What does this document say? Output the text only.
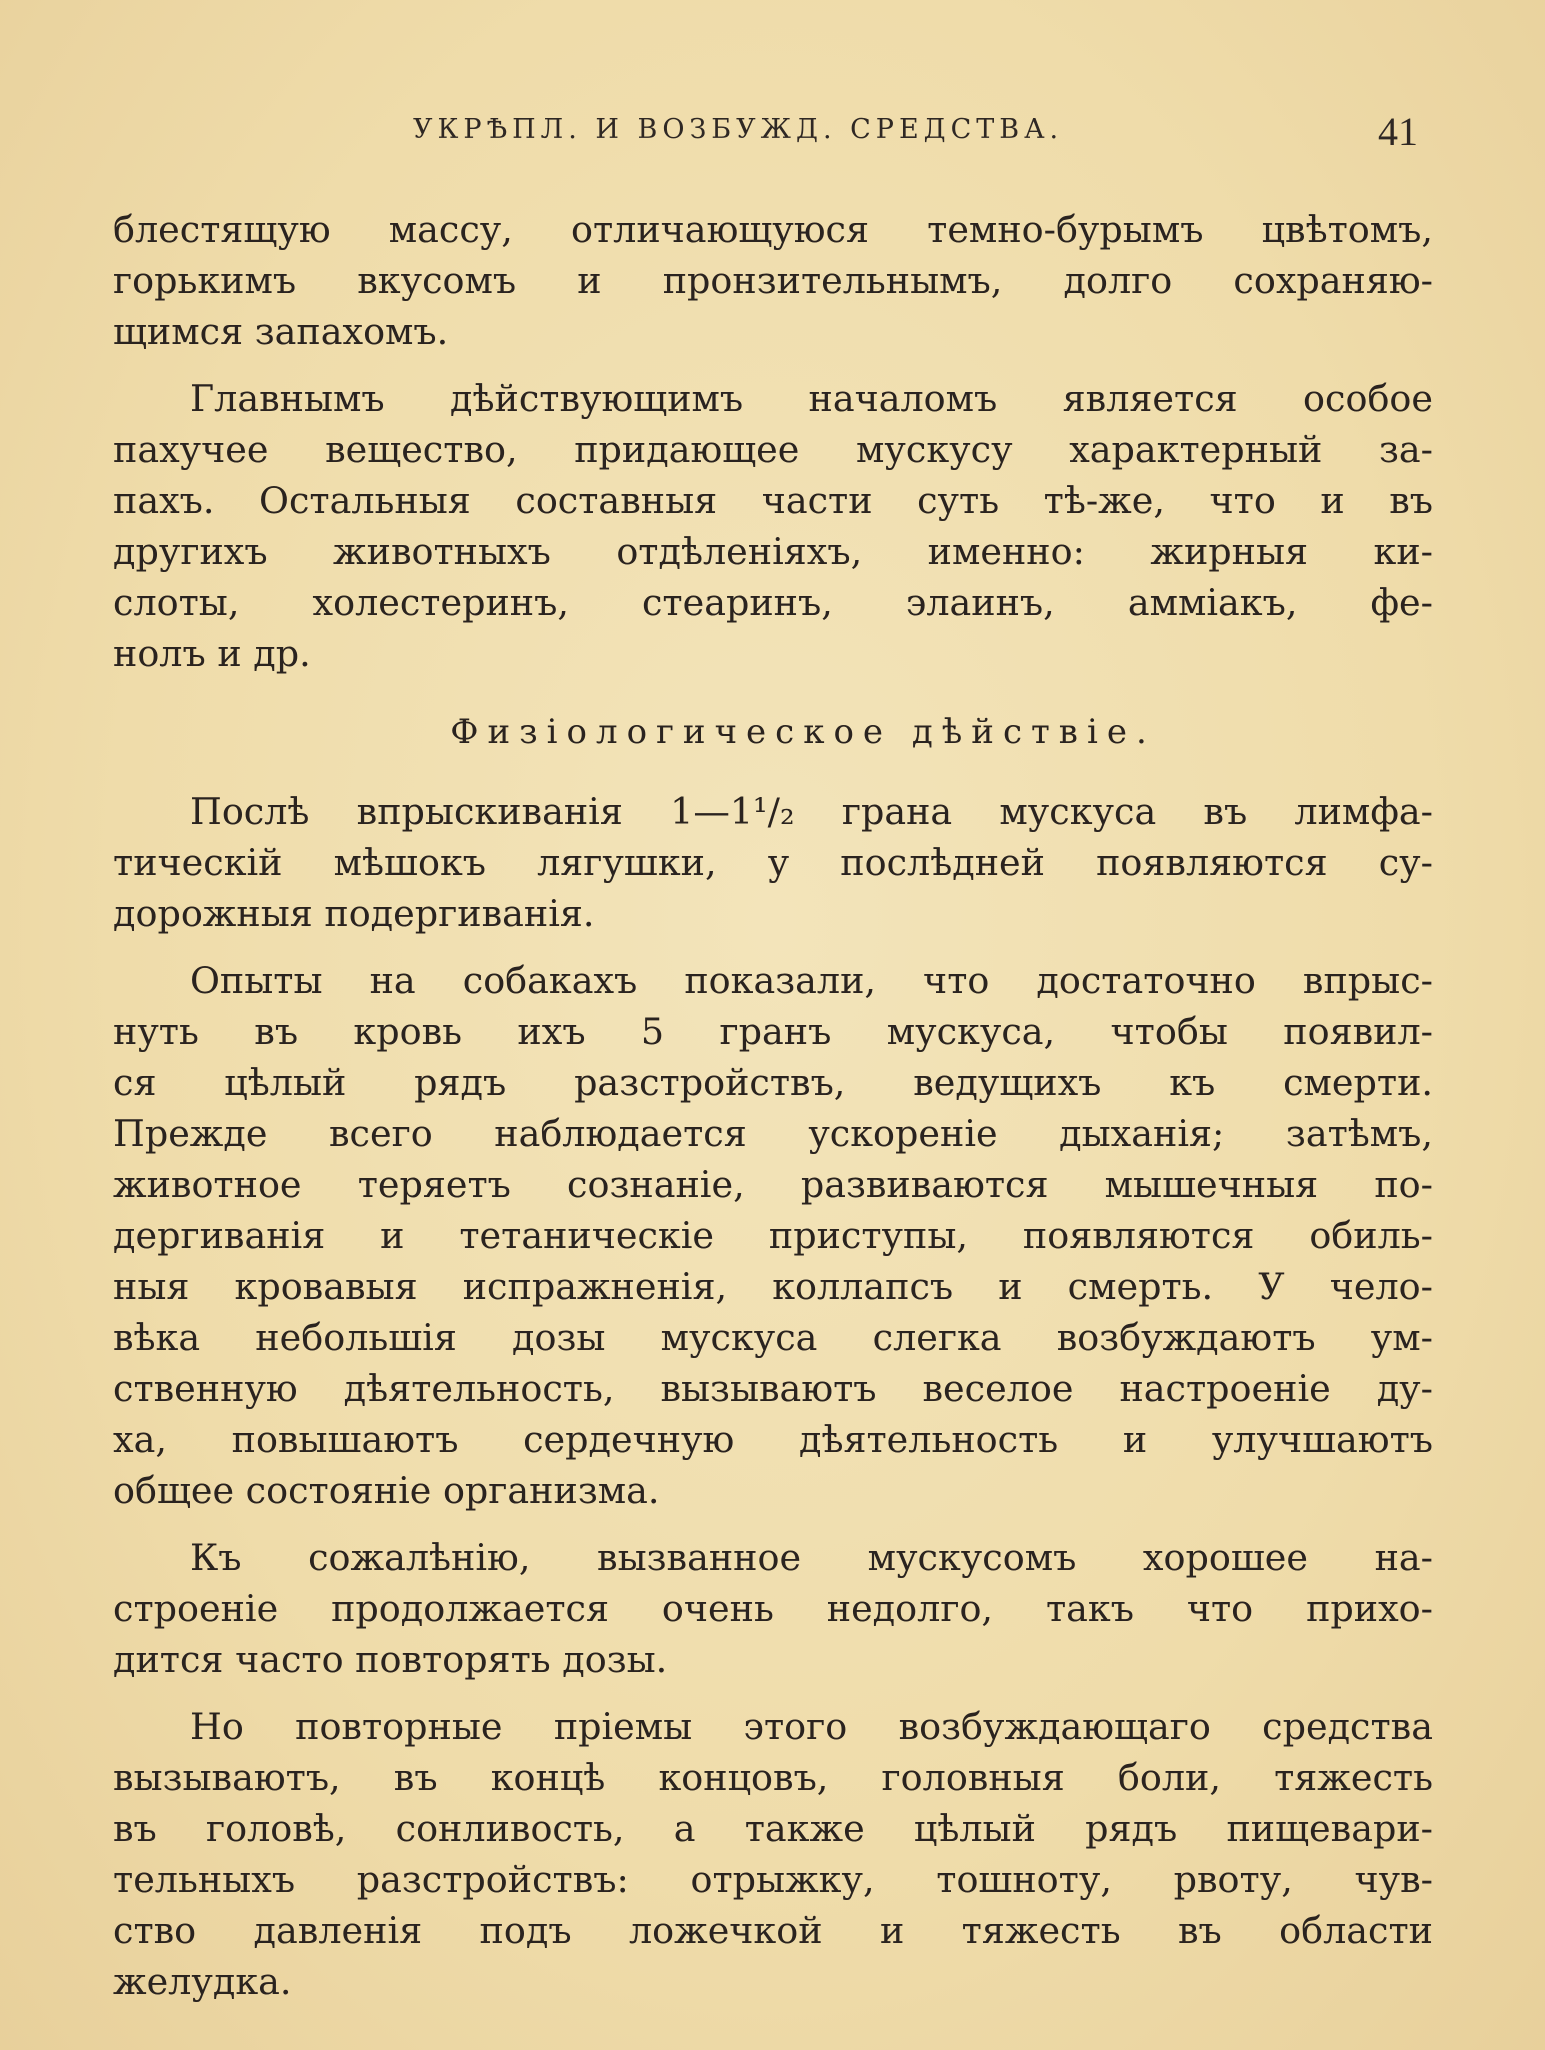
УКРѢПЛ. И ВОЗБУЖД. СРЕДСТВА.	41
блестящую массу, отличающуюся темно-бурымъ цвѣтомъ,
горькимъ вкусомъ и пронзительнымъ, долго сохраняю-
щимся запахомъ.
Главнымъ дѣйствующимъ началомъ является особое
пахучее вещество, придающее мускусу характерный за-
пахъ. Остальныя составныя части суть тѣ-же, что и въ
другихъ животныхъ отдѣленіяхъ, именно: жирныя ки-
слоты, холестеринъ, стеаринъ, элаинъ, амміакъ, фе-
нолъ и др.
Физіологическое дѣйствіе.
Послѣ впрыскиванія 1—1¹/₂ грана мускуса въ лимфа-
тическій мѣшокъ лягушки, у послѣдней появляются су-
дорожныя подергиванія.
Опыты на собакахъ показали, что достаточно впрыс-
нуть въ кровь ихъ 5 гранъ мускуса, чтобы появил-
ся цѣлый рядъ разстройствъ, ведущихъ къ смерти.
Прежде всего наблюдается ускореніе дыханія; затѣмъ,
животное теряетъ сознаніе, развиваются мышечныя по-
дергиванія и тетаническіе приступы, появляются обиль-
ныя кровавыя испражненія, коллапсъ и смерть. У чело-
вѣка небольшія дозы мускуса слегка возбуждаютъ ум-
ственную дѣятельность, вызываютъ веселое настроеніе ду-
ха, повышаютъ сердечную дѣятельность и улучшаютъ
общее состояніе организма.
Къ сожалѣнію, вызванное мускусомъ хорошее на-
строеніе продолжается очень недолго, такъ что прихо-
дится часто повторять дозы.
Но повторные пріемы этого возбуждающаго средства
вызываютъ, въ концѣ концовъ, головныя боли, тяжесть
въ головѣ, сонливость, а также цѣлый рядъ пищевари-
тельныхъ разстройствъ: отрыжку, тошноту, рвоту, чув-
ство давленія подъ ложечкой и тяжесть въ области
желудка.
